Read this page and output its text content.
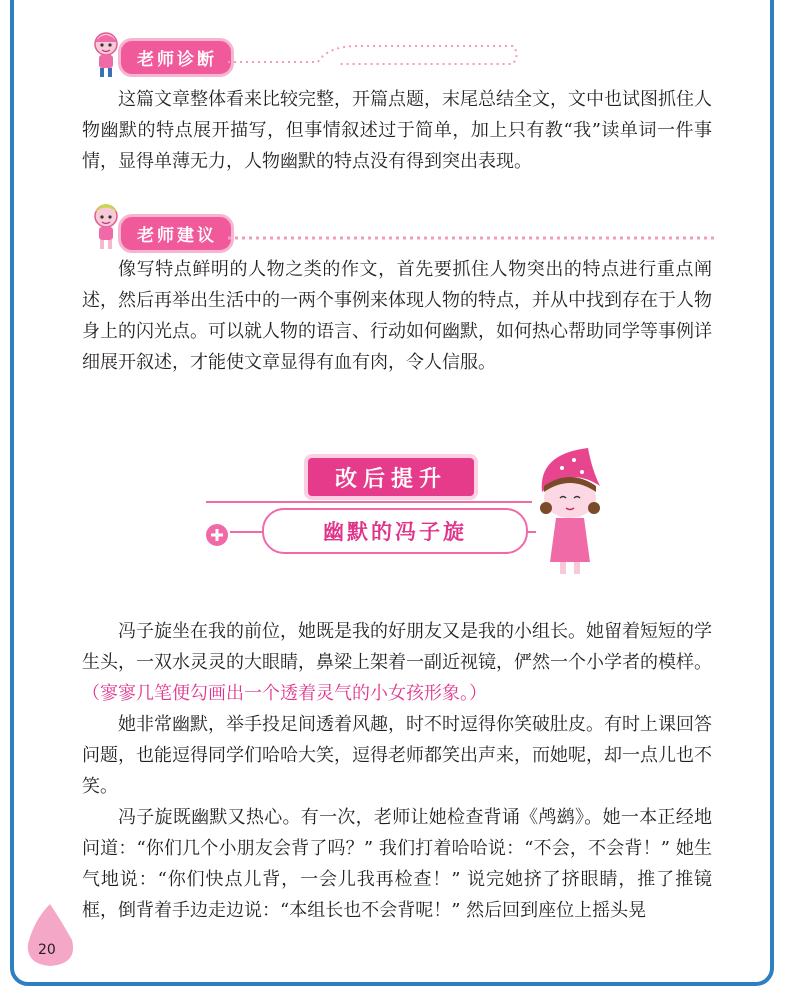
老师诊断

这篇文章整体看来比较完整，开篇点题，末尾总结全文，文中也试图抓住人物幽默的特点展开描写，但事情叙述过于简单，加上只有教“我”读单词一件事情，显得单薄无力，人物幽默的特点没有得到突出表现。

老师建议

像写特点鲜明的人物之类的作文，首先要抓住人物突出的特点进行重点阐述，然后再举出生活中的一两个事例来体现人物的特点，并从中找到存在于人物身上的闪光点。可以就人物的语言、行动如何幽默，如何热心帮助同学等事例详细展开叙述，才能使文章显得有血有肉，令人信服。

改后提升
幽默的冯子旋

冯子旋坐在我的前位，她既是我的好朋友又是我的小组长。她留着短短的学生头，一双水灵灵的大眼睛，鼻梁上架着一副近视镜，俨然一个小学者的模样。（寥寥几笔便勾画出一个透着灵气的小女孩形象。）

她非常幽默，举手投足间透着风趣，时不时逗得你笑破肚皮。有时上课回答问题，也能逗得同学们哈哈大笑，逗得老师都笑出声来，而她呢，却一点儿也不笑。

冯子旋既幽默又热心。有一次，老师让她检查背诵《鸬鹚》。她一本正经地问道：“你们几个小朋友会背了吗？” 我们打着哈哈说：“不会，不会背！” 她生气地说：“你们快点儿背，一会儿我再检查！” 说完她挤了挤眼睛，推了推镜框，倒背着手边走边说：“本组长也不会背呢！” 然后回到座位上摇头晃

20
